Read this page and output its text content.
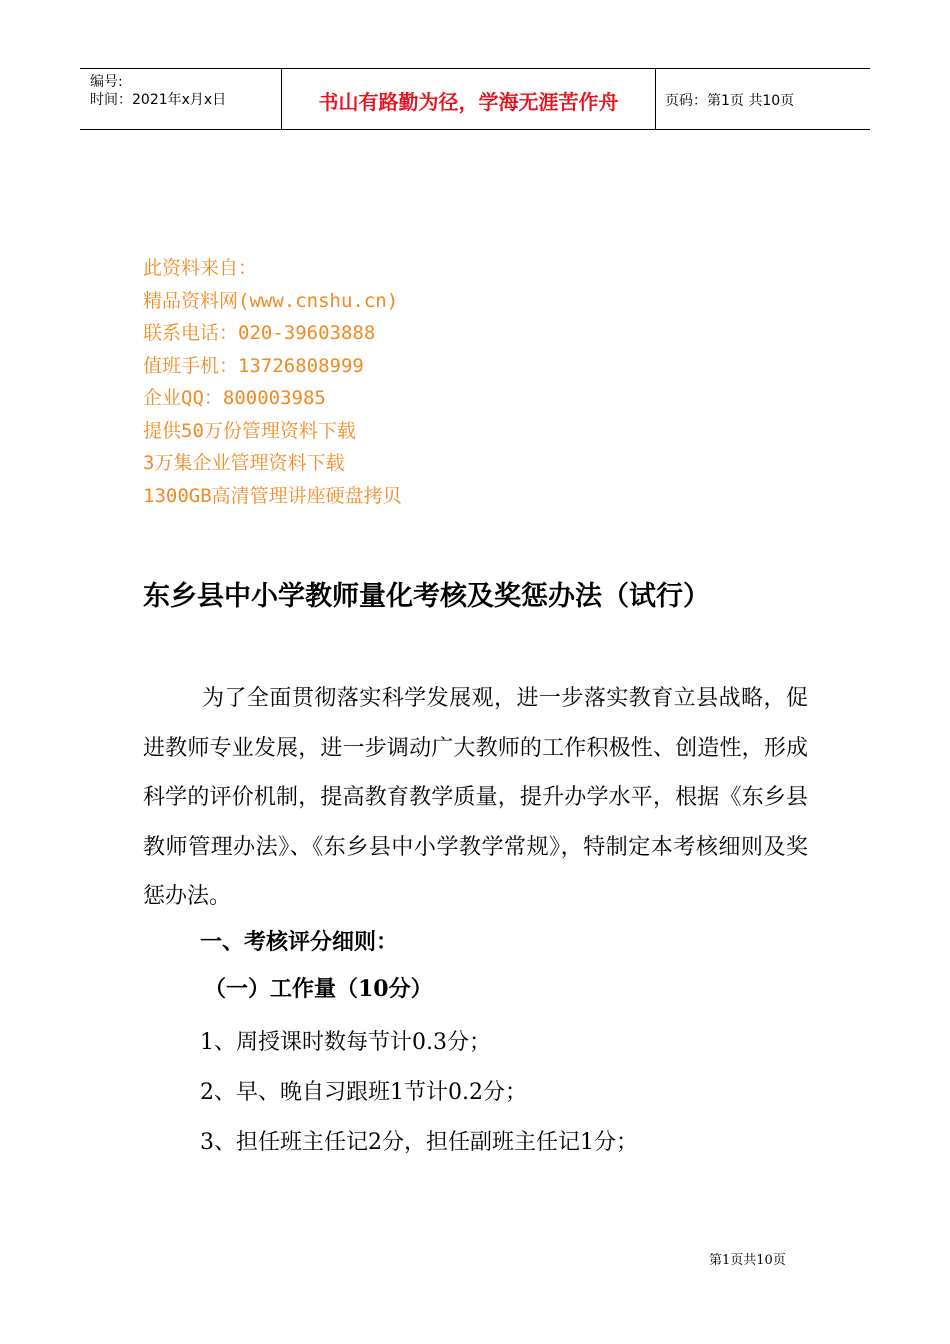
编号:
时间：2021年x月x日	书山有路勤为径，学海无涯苦作舟	页码：第1页 共10页
此资料来自：
精品资料网(www.cnshu.cn)
联系电话：020-39603888
值班手机：13726808999
企业QQ：800003985
提供50万份管理资料下载
3万集企业管理资料下载
1300GB高清管理讲座硬盘拷贝
东乡县中小学教师量化考核及奖惩办法（试行）
为了全面贯彻落实科学发展观，进一步落实教育立县战略，促进教师专业发展，进一步调动广大教师的工作积极性、创造性，形成科学的评价机制，提高教育教学质量，提升办学水平，根据《东乡县教师管理办法》、《东乡县中小学教学常规》，特制定本考核细则及奖惩办法。
一、考核评分细则：
（一）工作量（10分）
1、周授课时数每节计0.3分；
2、早、晚自习跟班1节计0.2分；
3、担任班主任记2分，担任副班主任记1分；
第1页共10页
